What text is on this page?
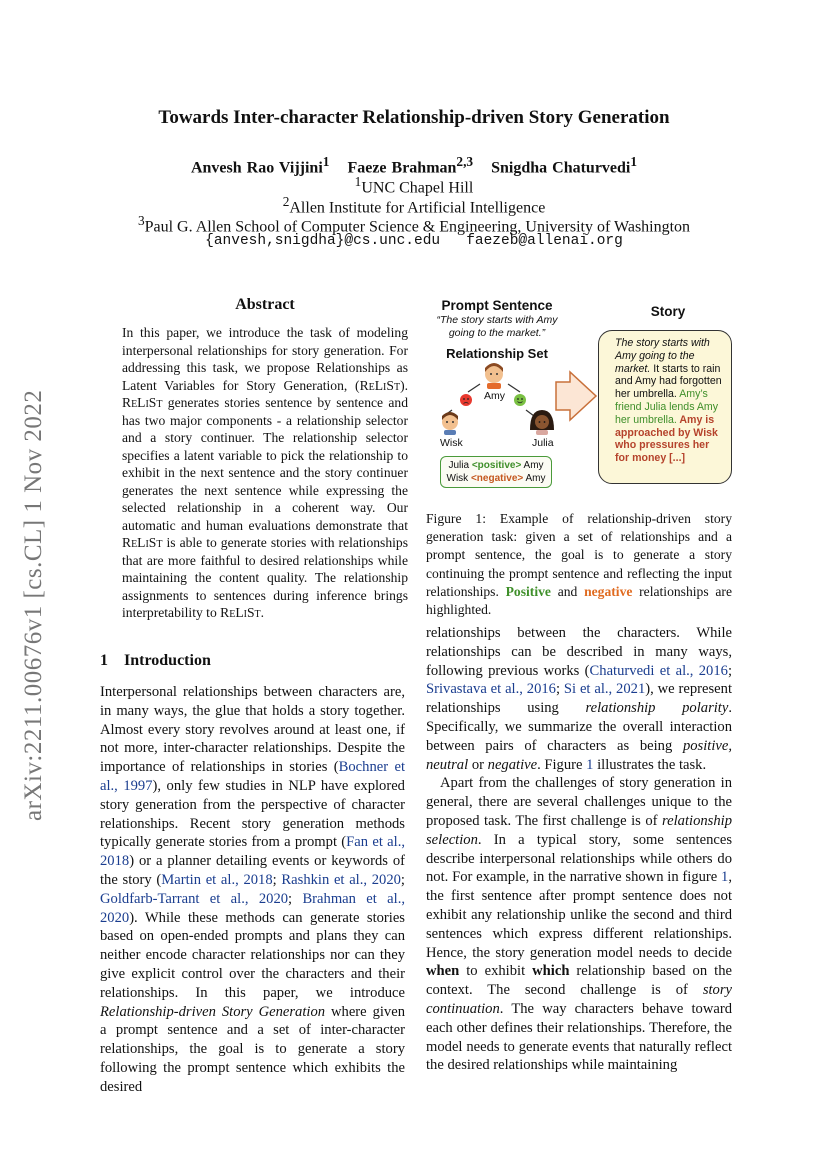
arXiv:2211.00676v1 [cs.CL] 1 Nov 2022
Towards Inter-character Relationship-driven Story Generation
Anvesh Rao Vijjini$^1$ Faeze Brahman$^{2,3}$ Snigdha Chaturvedi$^1$
$^1$UNC Chapel Hill
$^2$Allen Institute for Artificial Intelligence
$^3$Paul G. Allen School of Computer Science & Engineering, University of Washington
{anvesh,snigdha}@cs.unc.edu   faezeb@allenai.org
Abstract
In this paper, we introduce the task of modeling interpersonal relationships for story generation. For addressing this task, we propose Relationships as Latent Variables for Story Generation, (ReLiSt). ReLiSt generates stories sentence by sentence and has two major components - a relationship selector and a story continuer. The relationship selector specifies a latent variable to pick the relationship to exhibit in the next sentence and the story continuer generates the next sentence while expressing the selected relationship in a coherent way. Our automatic and human evaluations demonstrate that ReLiSt is able to generate stories with relationships that are more faithful to desired relationships while maintaining the content quality. The relationship assignments to sentences during inference brings interpretability to ReLiSt.
1 Introduction

Interpersonal relationships between characters are, in many ways, the glue that holds a story together. Almost every story revolves around at least one, if not more, inter-character relationships. Despite the importance of relationships in stories (Bochner et al., 1997), only few studies in NLP have explored story generation from the perspective of character relationships. Recent story generation methods typically generate stories from a prompt (Fan et al., 2018) or a planner detailing events or keywords of the story (Martin et al., 2018; Rashkin et al., 2020; Goldfarb-Tarrant et al., 2020; Brahman et al., 2020). While these methods can generate stories based on open-ended prompts and plans they can neither encode character relationships nor can they give explicit control over the characters and their relationships. In this paper, we introduce Relationship-driven Story Generation where given a prompt sentence and a set of inter-character relationships, the goal is to generate a story following the prompt sentence which exhibits the desired

relationships between the characters. While relationships can be described in many ways, following previous works (Chaturvedi et al., 2016; Srivastava et al., 2016; Si et al., 2021), we represent relationships using relationship polarity. Specifically, we summarize the overall interaction between pairs of characters as being positive, neutral or negative. Figure 1 illustrates the task.

Apart from the challenges of story generation in general, there are several challenges unique to the proposed task. The first challenge is of relationship selection. In a typical story, some sentences describe interpersonal relationships while others do not. For example, in the narrative shown in figure 1, the first sentence after prompt sentence does not exhibit any relationship unlike the second and third sentences which express different relationships. Hence, the story generation model needs to decide when to exhibit which relationship based on the context. The second challenge is of story continuation. The way characters behave toward each other defines their relationships. Therefore, the model needs to generate events that naturally reflect the desired relationships while maintaining

Prompt Sentence
“The story starts with Amy going to the market.”
Relationship Set
Story
Amy
Wisk	Julia
Julia <positive> Amy
Wisk <negative> Amy
The story starts with Amy going to the market. It starts to rain and Amy had forgotten her umbrella. Amy’s friend Julia lends Amy her umbrella. Amy is approached by Wisk who pressures her for money [...]
Figure 1: Example of relationship-driven story generation task: given a set of relationships and a prompt sentence, the goal is to generate a story continuing the prompt sentence and reflecting the input relationships. Positive and negative relationships are highlighted.
